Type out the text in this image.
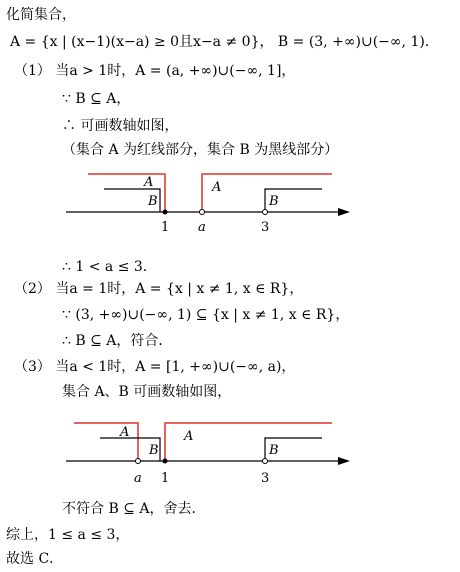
化简集合，
A = {x | (x−1)(x−a) ≥ 0且x−a ≠ 0}， B = (3, +∞)∪(−∞, 1)．
（1） 当a > 1时，A = (a, +∞)∪(−∞, 1]，
∵ B ⊆ A，
∴ 可画数轴如图，
（集合 A 为红线部分，集合 B 为黑线部分）
A
B
A
B
1 a	3
∴ 1 < a ≤ 3．
（2） 当a = 1时，A = {x | x ≠ 1, x ∈ R}，
∵ (3, +∞)∪(−∞, 1) ⊆ {x | x ≠ 1, x ∈ R}，
∴ B ⊆ A，符合．
（3） 当a < 1时，A = [1, +∞)∪(−∞, a)，
集合 A、B 可画数轴如图，
A
B
A
B
a 1	3
不符合 B ⊆ A，舍去．
综上，1 ≤ a ≤ 3，
故选 C．
